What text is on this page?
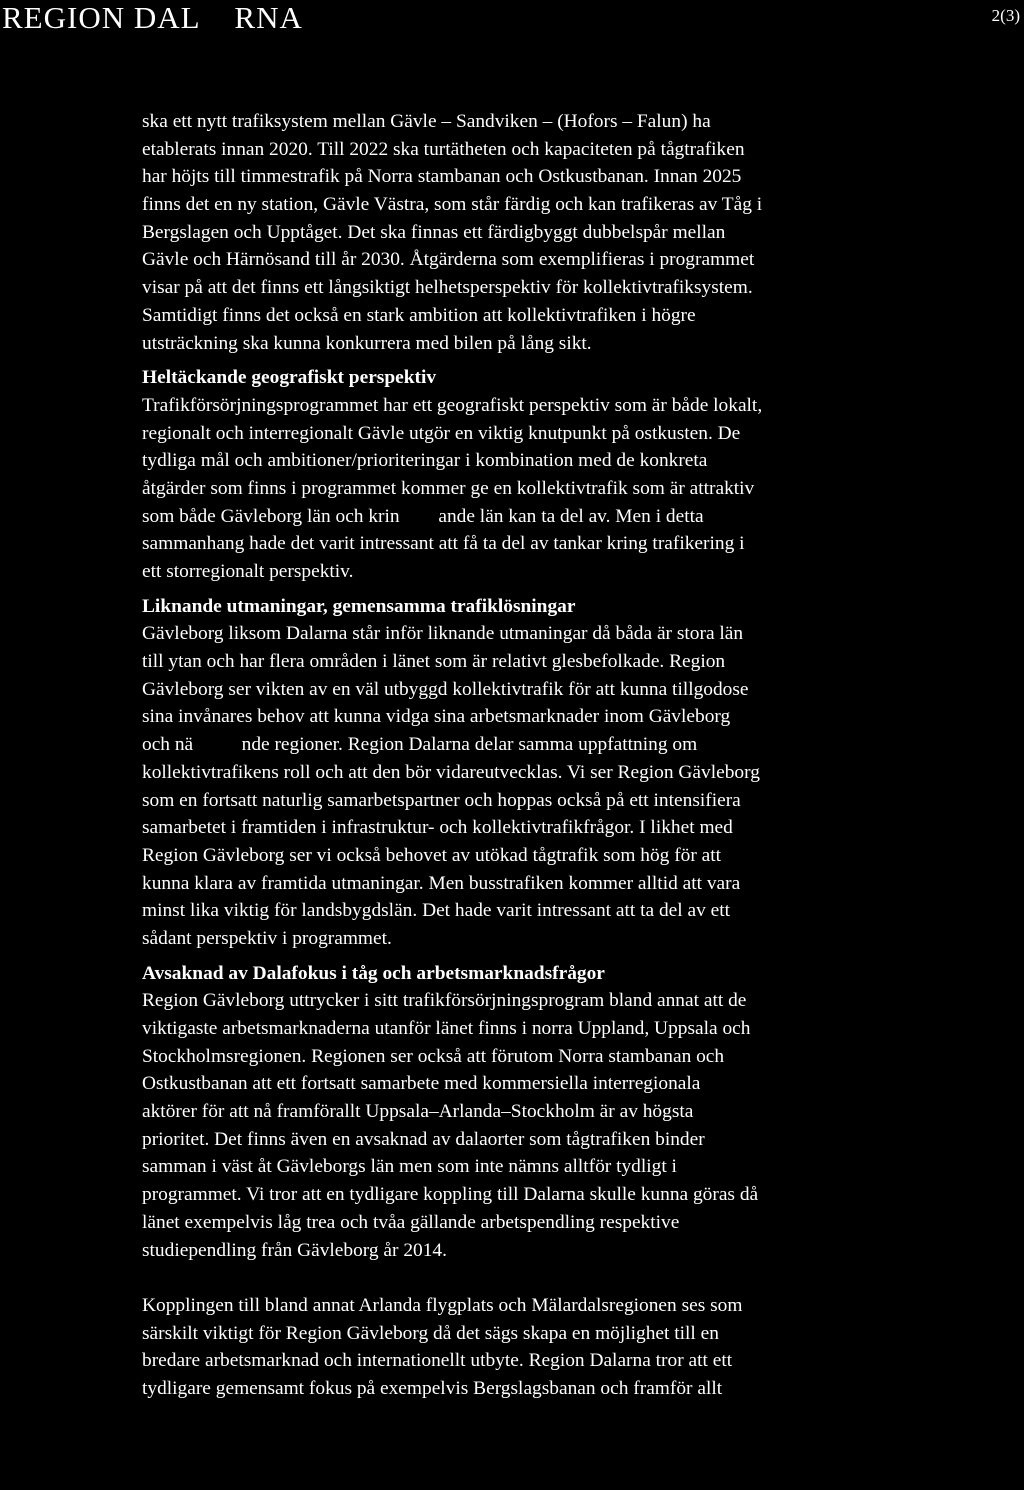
REGION DAL    RNA	2(3)
ska ett nytt trafiksystem mellan Gävle – Sandviken – (Hofors – Falun) ha
etablerats innan 2020. Till 2022 ska turtätheten och kapaciteten på tågtrafiken
har höjts till timmestrafik på Norra stambanan och Ostkustbanan. Innan 2025
finns det en ny station, Gävle Västra, som står färdig och kan trafikeras av Tåg i
Bergslagen och Upptåget. Det ska finnas ett färdigbyggt dubbelspår mellan
Gävle och Härnösand till år 2030. Åtgärderna som exemplifieras i programmet
visar på att det finns ett långsiktigt helhetsperspektiv för kollektivtrafiksystem.
Samtidigt finns det också en stark ambition att kollektivtrafiken i högre
utsträckning ska kunna konkurrera med bilen på lång sikt.
Heltäckande geografiskt perspektiv
Trafikförsörjningsprogrammet har ett geografiskt perspektiv som är både lokalt,
regionalt och interregionalt Gävle utgör en viktig knutpunkt på ostkusten. De
tydliga mål och ambitioner/prioriteringar i kombination med de konkreta
åtgärder som finns i programmet kommer ge en kollektivtrafik som är attraktiv
som både Gävleborg län och krin        ande län kan ta del av. Men i detta
sammanhang hade det varit intressant att få ta del av tankar kring trafikering i
ett storregionalt perspektiv.
Liknande utmaningar, gemensamma trafiklösningar
Gävleborg liksom Dalarna står inför liknande utmaningar då båda är stora län
till ytan och har flera områden i länet som är relativt glesbefolkade. Region
Gävleborg ser vikten av en väl utbyggd kollektivtrafik för att kunna tillgodose
sina invånares behov att kunna vidga sina arbetsmarknader inom Gävleborg
och nä          nde regioner. Region Dalarna delar samma uppfattning om
kollektivtrafikens roll och att den bör vidareutvecklas. Vi ser Region Gävleborg
som en fortsatt naturlig samarbetspartner och hoppas också på ett intensifiera
samarbetet i framtiden i infrastruktur- och kollektivtrafikfrågor. I likhet med
Region Gävleborg ser vi också behovet av utökad tågtrafik som hög för att
kunna klara av framtida utmaningar. Men busstrafiken kommer alltid att vara
minst lika viktig för landsbygdslän. Det hade varit intressant att ta del av ett
sådant perspektiv i programmet.
Avsaknad av Dalafokus i tåg och arbetsmarknadsfrågor
Region Gävleborg uttrycker i sitt trafikförsörjningsprogram bland annat att de
viktigaste arbetsmarknaderna utanför länet finns i norra Uppland, Uppsala och
Stockholmsregionen. Regionen ser också att förutom Norra stambanan och
Ostkustbanan att ett fortsatt samarbete med kommersiella interregionala
aktörer för att nå framförallt Uppsala–Arlanda–Stockholm är av högsta
prioritet. Det finns även en avsaknad av dalaorter som tågtrafiken binder
samman i väst åt Gävleborgs län men som inte nämns alltför tydligt i
programmet. Vi tror att en tydligare koppling till Dalarna skulle kunna göras då
länet exempelvis låg trea och tvåa gällande arbetspendling respektive
studiependling från Gävleborg år 2014.
Kopplingen till bland annat Arlanda flygplats och Mälardalsregionen ses som
särskilt viktigt för Region Gävleborg då det sägs skapa en möjlighet till en
bredare arbetsmarknad och internationellt utbyte. Region Dalarna tror att ett
tydligare gemensamt fokus på exempelvis Bergslagsbanan och framför allt
